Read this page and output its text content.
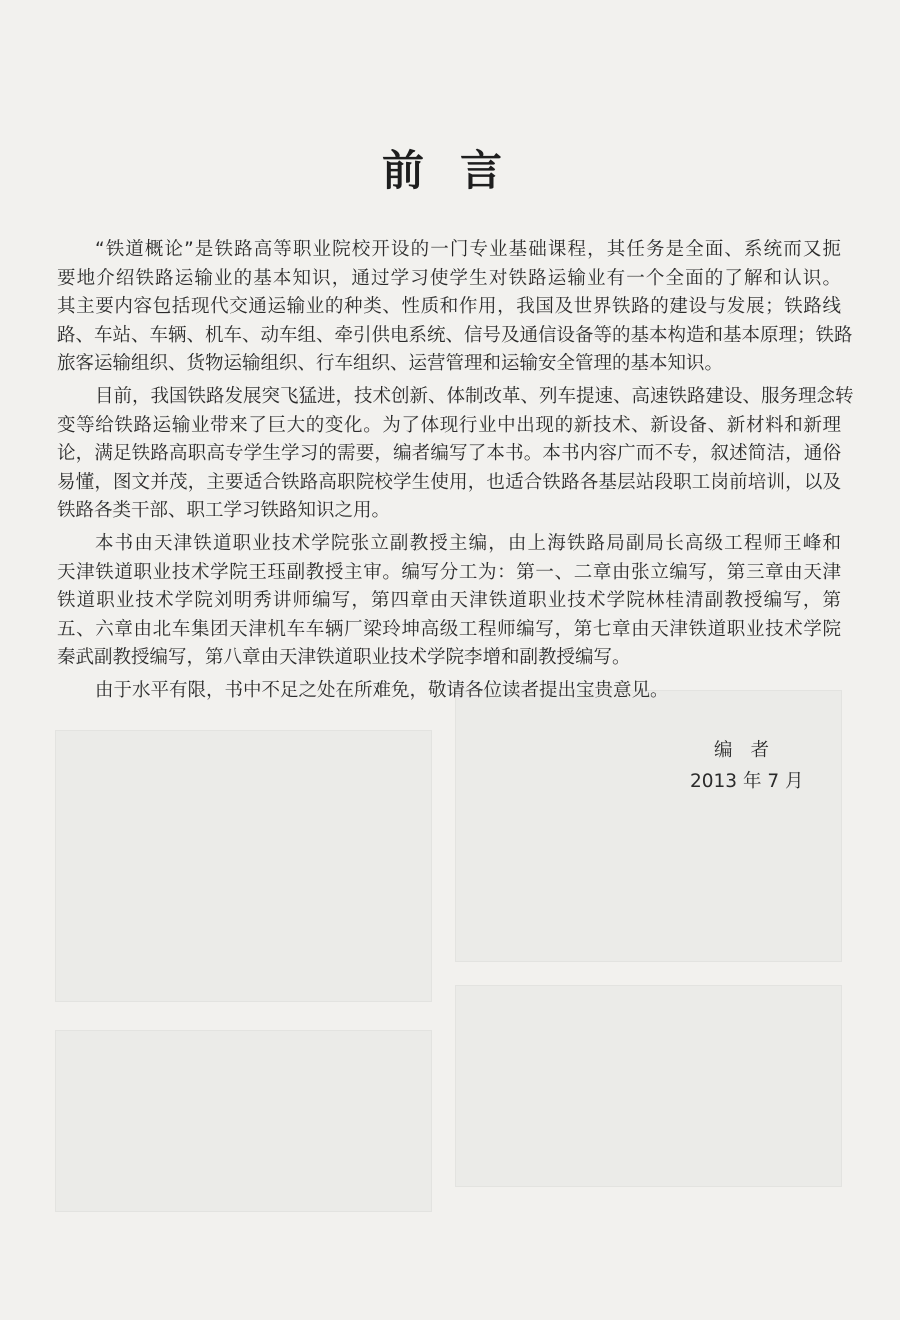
前言
“铁道概论”是铁路高等职业院校开设的一门专业基础课程，其任务是全面、系统而又扼
要地介绍铁路运输业的基本知识，通过学习使学生对铁路运输业有一个全面的了解和认识。
其主要内容包括现代交通运输业的种类、性质和作用，我国及世界铁路的建设与发展；铁路线
路、车站、车辆、机车、动车组、牵引供电系统、信号及通信设备等的基本构造和基本原理；铁路
旅客运输组织、货物运输组织、行车组织、运营管理和运输安全管理的基本知识。
目前，我国铁路发展突飞猛进，技术创新、体制改革、列车提速、高速铁路建设、服务理念转
变等给铁路运输业带来了巨大的变化。为了体现行业中出现的新技术、新设备、新材料和新理
论，满足铁路高职高专学生学习的需要，编者编写了本书。本书内容广而不专，叙述简洁，通俗
易懂，图文并茂，主要适合铁路高职院校学生使用，也适合铁路各基层站段职工岗前培训，以及
铁路各类干部、职工学习铁路知识之用。
本书由天津铁道职业技术学院张立副教授主编，由上海铁路局副局长高级工程师王峰和
天津铁道职业技术学院王珏副教授主审。编写分工为：第一、二章由张立编写，第三章由天津
铁道职业技术学院刘明秀讲师编写，第四章由天津铁道职业技术学院林桂清副教授编写，第
五、六章由北车集团天津机车车辆厂梁玲坤高级工程师编写，第七章由天津铁道职业技术学院
秦武副教授编写，第八章由天津铁道职业技术学院李增和副教授编写。
由于水平有限，书中不足之处在所难免，敬请各位读者提出宝贵意见。
编者
2013 年 7 月
